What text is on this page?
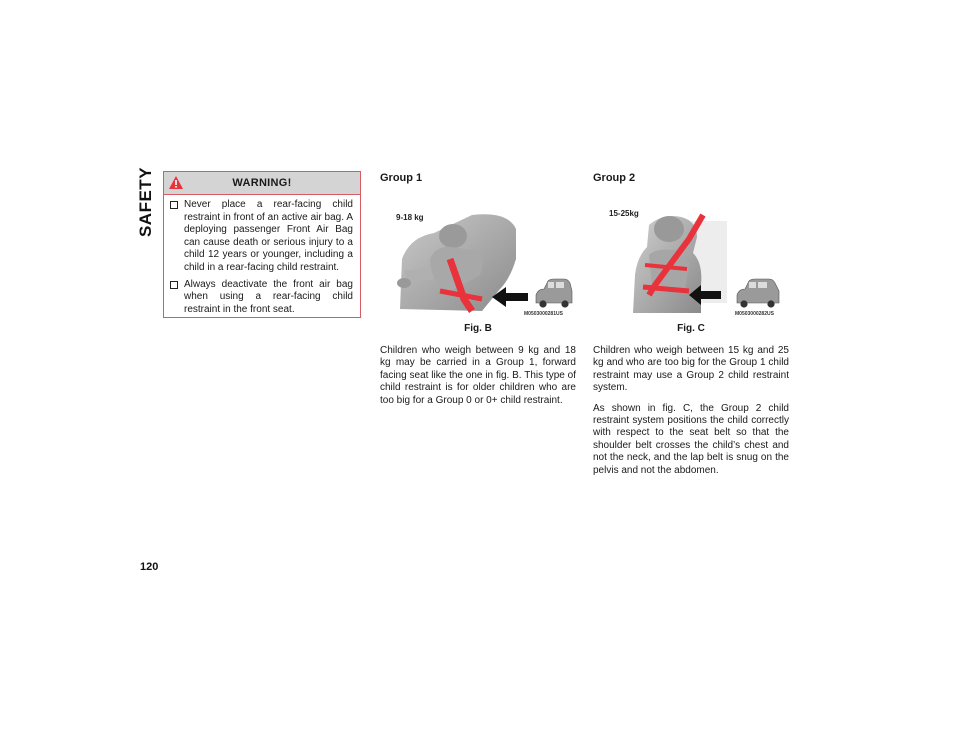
SAFETY
120
WARNING!
Never place a rear-facing child restraint in front of an active air bag. A deploying passenger Front Air Bag can cause death or serious injury to a child 12 years or younger, including a child in a rear-facing child restraint.
Always deactivate the front air bag when using a rear-facing child restraint in the front seat.
Group 1
9-18 kg
M0503000281US
Fig. B

Children who weigh between 9 kg and 18 kg may be carried in a Group 1, forward facing seat like the one in fig. B. This type of child restraint is for older children who are too big for a Group 0 or 0+ child restraint.

Group 2
15-25kg
M0503000282US
Fig. C

Children who weigh between 15 kg and 25 kg and who are too big for the Group 1 child restraint may use a Group 2 child restraint system.

As shown in fig. C, the Group 2 child restraint system positions the child correctly with respect to the seat belt so that the shoulder belt crosses the child’s chest and not the neck, and the lap belt is snug on the pelvis and not the abdomen.
